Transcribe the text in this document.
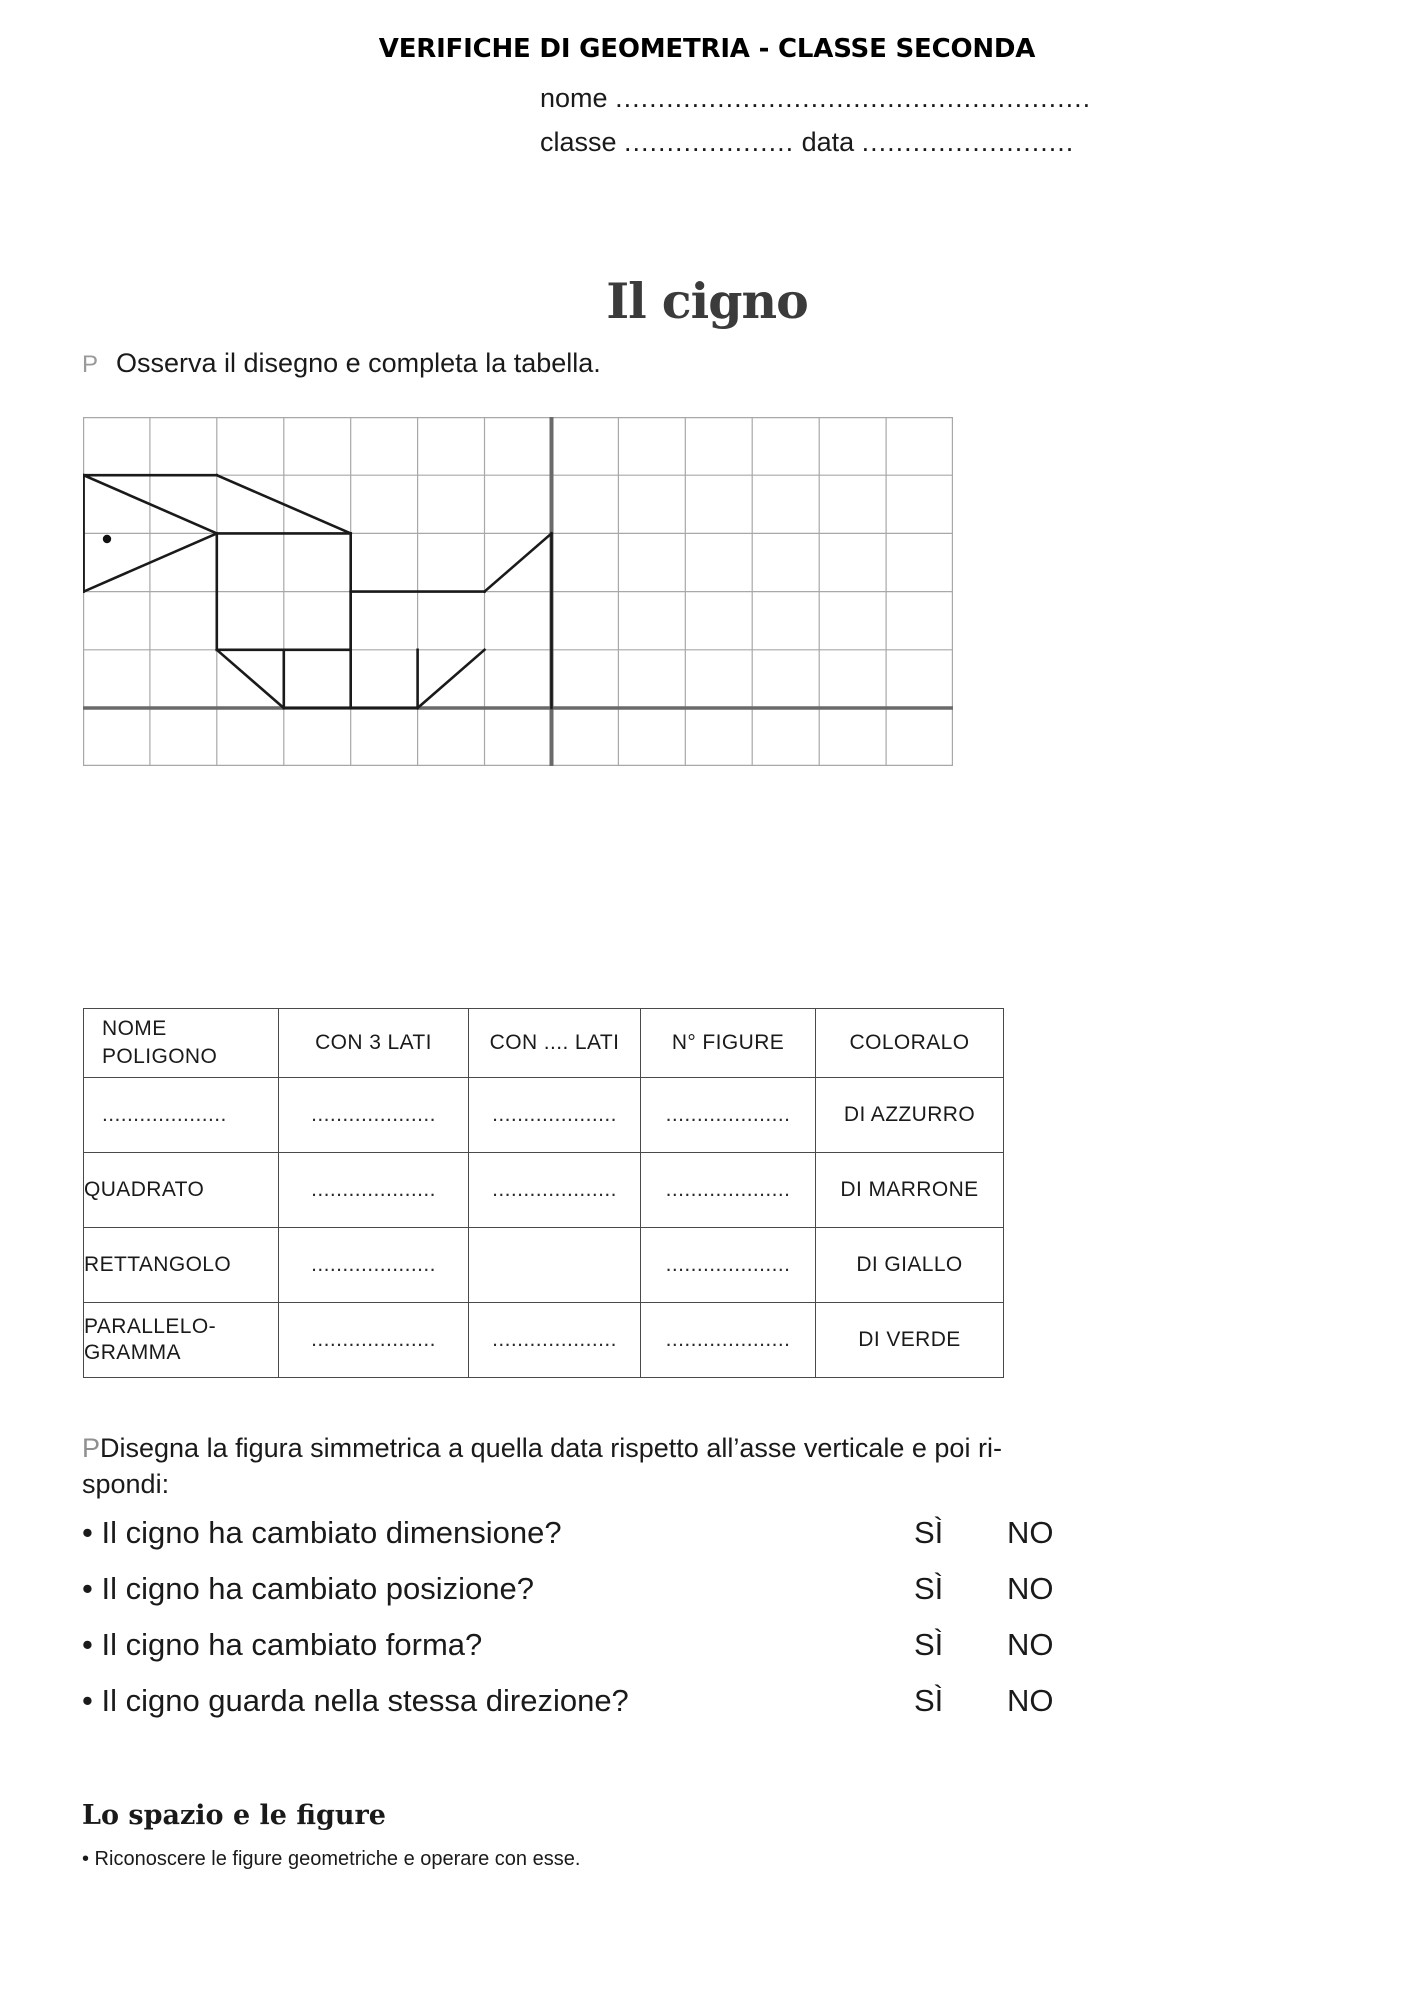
VERIFICHE DI GEOMETRIA - CLASSE SECONDA
nome ........................................................
classe .................... data .........................
Il cigno
P Osserva il disegno e completa la tabella.
NOME
POLIGONO	CON 3 LATI	CON .... LATI	N° FIGURE	COLORALO
....................	....................	....................	....................	DI AZZURRO
QUADRATO	....................	....................	....................	DI MARRONE
RETTANGOLO	....................		....................	DI GIALLO

PARALLELO-
GRAMMA	....................	....................	....................	DI VERDE
PDisegna la figura simmetrica a quella data rispetto all’asse verticale e poi ri-
spondi:
• Il cigno ha cambiato dimensione?	SÌ NO
• Il cigno ha cambiato posizione?	SÌ NO
• Il cigno ha cambiato forma?	SÌ NO
• Il cigno guarda nella stessa direzione?	SÌ NO
Lo spazio e le figure
• Riconoscere le figure geometriche e operare con esse.
